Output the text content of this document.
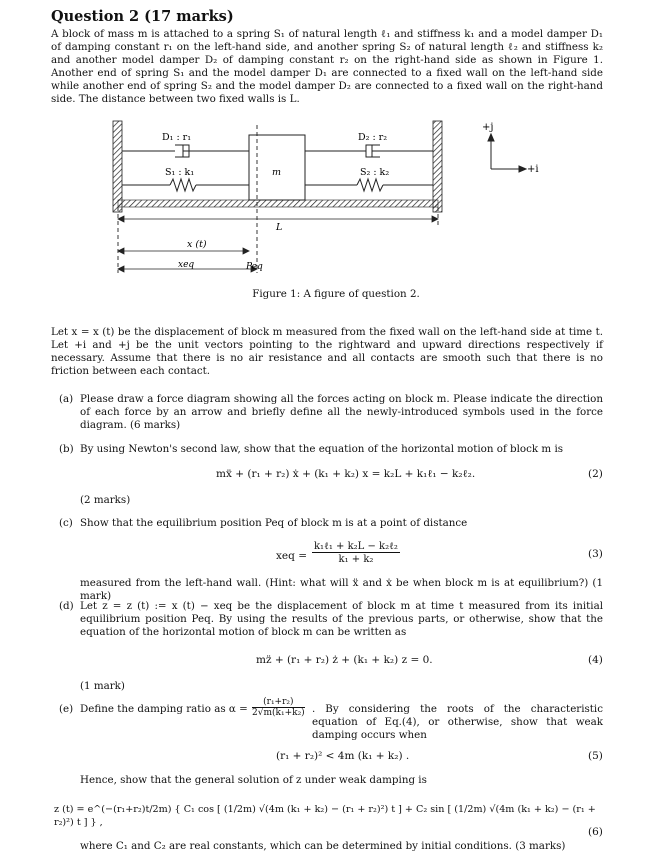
Question 2 (17 marks)
A block of mass m is attached to a spring S₁ of natural length ℓ₁ and stiffness k₁ and a model damper D₁ of damping constant r₁ on the left-hand side, and another spring S₂ of natural length ℓ₂ and stiffness k₂ and another model damper D₂ of damping constant r₂ on the right-hand side as shown in Figure 1. Another end of spring S₁ and the model damper D₁ are connected to a fixed wall on the left-hand side while another end of spring S₂ and the model damper D₂ are connected to a fixed wall on the right-hand side. The distance between two fixed walls is L.
D₁ : r₁
S₁ : k₁	m
D₂ : r₂
S₂ : k₂
L
x (t)
xeq	Peq
+j
+i
Figure 1: A figure of question 2.
Let x = x (t) be the displacement of block m measured from the fixed wall on the left-hand side at time t. Let +i and +j be the unit vectors pointing to the rightward and upward directions respectively if necessary. Assume that there is no air resistance and all contacts are smooth such that there is no friction between each contact.
(a) Please draw a force diagram showing all the forces acting on block m. Please indicate the direction of each force by an arrow and briefly define all the newly-introduced symbols used in the force diagram. (6 marks)
(b) By using Newton's second law, show that the equation of the horizontal motion of block m is
mẍ + (r₁ + r₂) ẋ + (k₁ + k₂) x = k₂L + k₁ℓ₁ − k₂ℓ₂.	(2)
(2 marks)
(c) Show that the equilibrium position Peq of block m is at a point of distance
xeq =
k₁ℓ₁ + k₂L − k₂ℓ₂
k₁ + k₂	(3)
measured from the left-hand wall. (Hint: what will ẍ and ẋ be when block m is at equilibrium?) (1 mark)
(d) Let z = z (t) := x (t) − xeq be the displacement of block m at time t measured from its initial equilibrium position Peq. By using the results of the previous parts, or otherwise, show that the equation of the horizontal motion of block m can be written as
mz̈ + (r₁ + r₂) ż + (k₁ + k₂) z = 0.	(4)
(1 mark)
(e) Define the damping ratio as α =
(r₁+r₂)
2√m(k₁+k₂) . By considering the roots of the characteristic equation of Eq.(4), or otherwise, show that weak damping occurs when
(r₁ + r₂)² < 4m (k₁ + k₂) .	(5)
Hence, show that the general solution of z under weak damping is
z (t) = e^(−(r₁+r₂)t/2m) { C₁ cos [ (1/2m) √(4m (k₁ + k₂) − (r₁ + r₂)²) t ] + C₂ sin [ (1/2m) √(4m (k₁ + k₂) − (r₁ + r₂)²) t ] } ,
(6)
where C₁ and C₂ are real constants, which can be determined by initial conditions. (3 marks)
